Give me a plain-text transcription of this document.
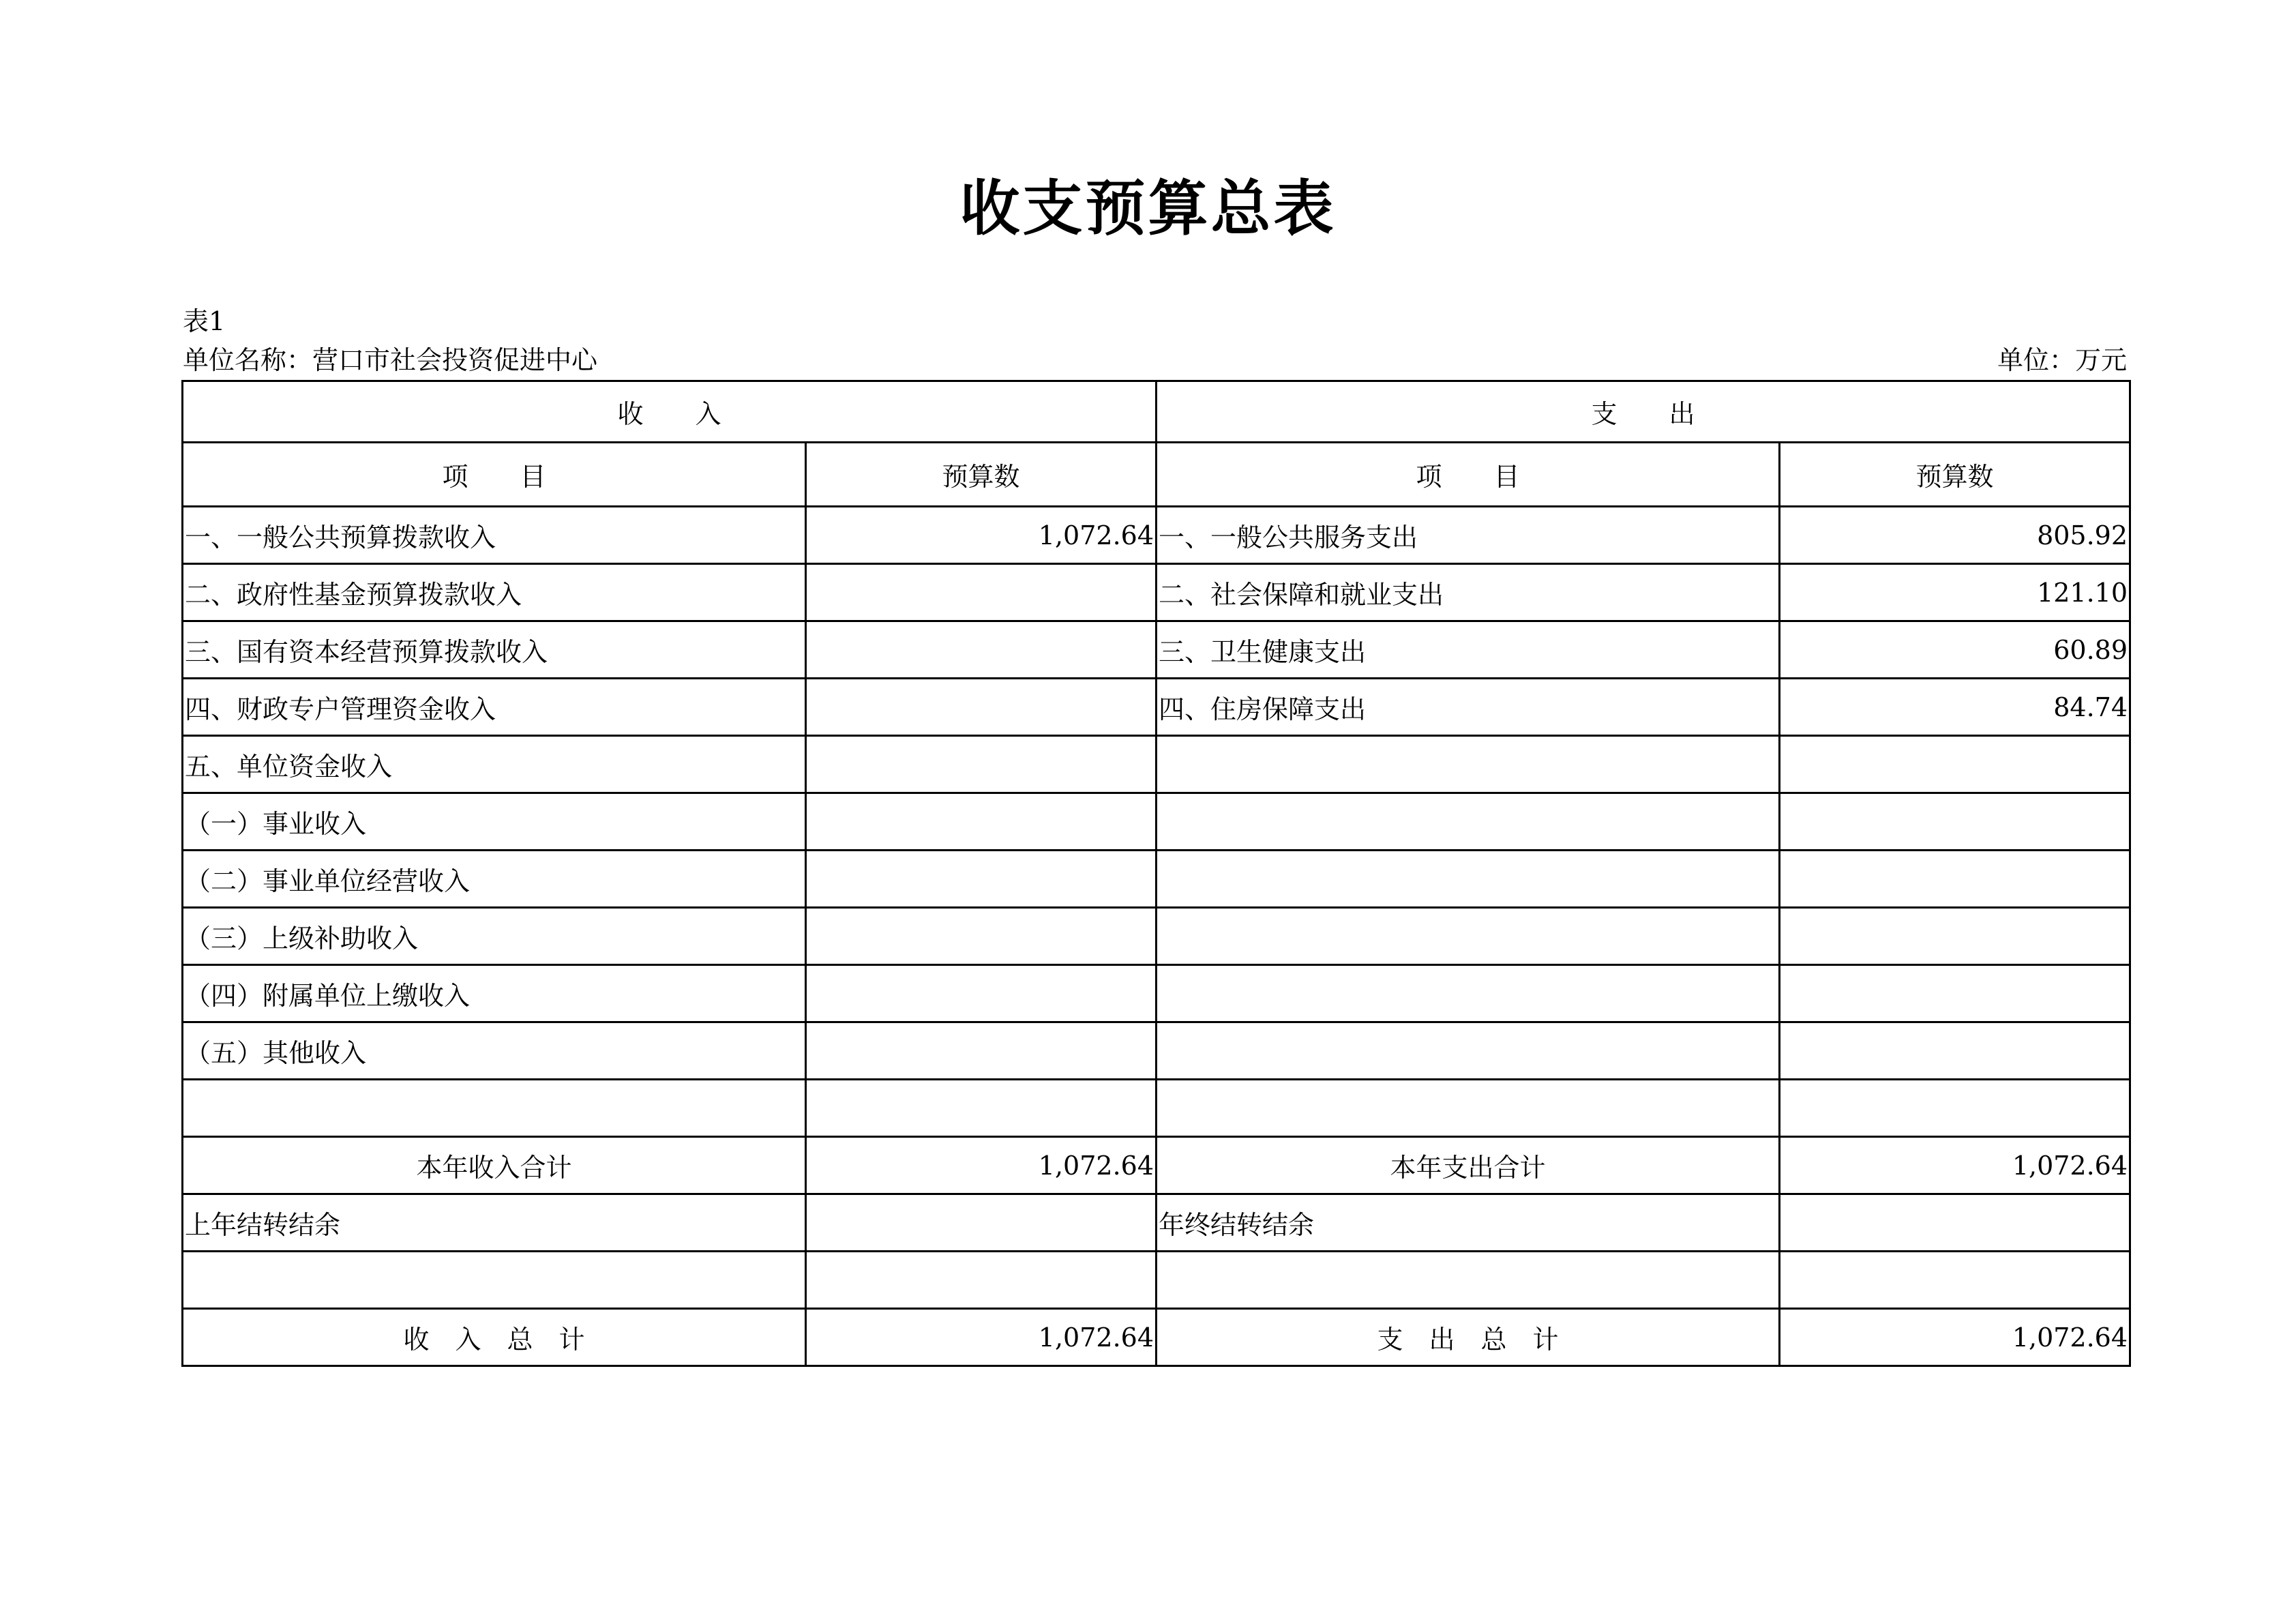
收支预算总表
表1
单位名称：营口市社会投资促进中心	单位：万元
收　　入		支　　出	
项　　目	预算数	项　　目	预算数
一、一般公共预算拨款收入	1,072.64	一、一般公共服务支出	805.92
二、政府性基金预算拨款收入		二、社会保障和就业支出	121.10
三、国有资本经营预算拨款收入		三、卫生健康支出	60.89
四、财政专户管理资金收入		四、住房保障支出	84.74
五、单位资金收入			
（一）事业收入			
（二）事业单位经营收入			
（三）上级补助收入			
（四）附属单位上缴收入			
（五）其他收入			

本年收入合计	1,072.64	本年支出合计	1,072.64
上年结转结余		年终结转结余	

收　入　总　计	1,072.64	支　出　总　计	1,072.64
